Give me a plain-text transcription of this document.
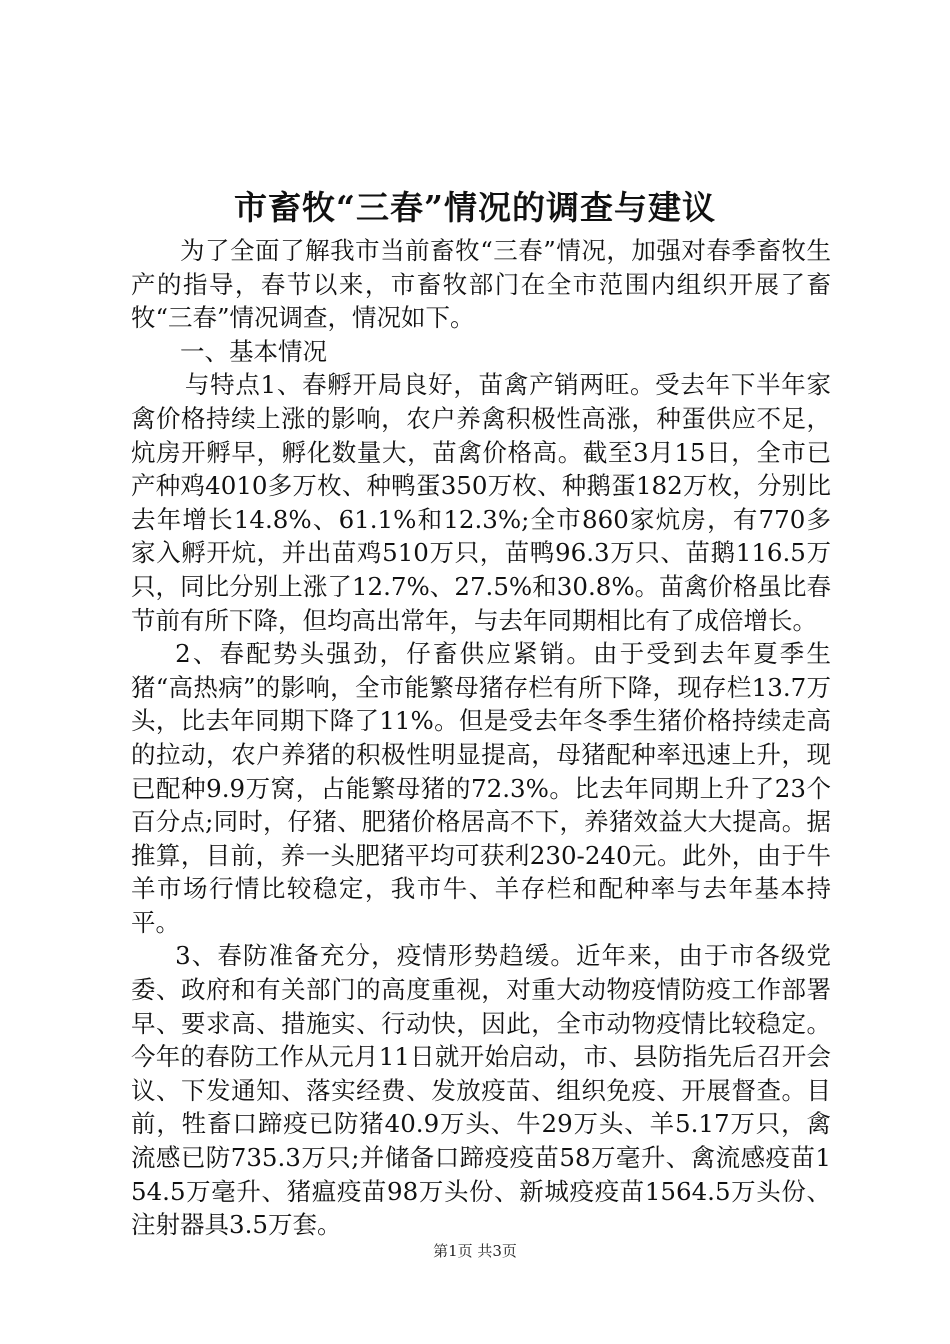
市畜牧“三春”情况的调查与建议

为了全面了解我市当前畜牧“三春”情况，加强对春季畜牧生产的指导，春节以来，市畜牧部门在全市范围内组织开展了畜牧“三春”情况调查，情况如下。

一、基本情况

与特点1、春孵开局良好，苗禽产销两旺。受去年下半年家禽价格持续上涨的影响，农户养禽积极性高涨，种蛋供应不足，炕房开孵早，孵化数量大，苗禽价格高。截至3月15日，全市已产种鸡4010多万枚、种鸭蛋350万枚、种鹅蛋182万枚，分别比去年增长14.8%、61.1%和12.3%;全市860家炕房，有770多家入孵开炕，并出苗鸡510万只，苗鸭96.3万只、苗鹅116.5万只，同比分别上涨了12.7%、27.5%和30.8%。苗禽价格虽比春节前有所下降，但均高出常年，与去年同期相比有了成倍增长。

2、春配势头强劲，仔畜供应紧销。由于受到去年夏季生猪“高热病”的影响，全市能繁母猪存栏有所下降，现存栏13.7万头，比去年同期下降了11%。但是受去年冬季生猪价格持续走高的拉动，农户养猪的积极性明显提高，母猪配种率迅速上升，现已配种9.9万窝，占能繁母猪的72.3%。比去年同期上升了23个百分点;同时，仔猪、肥猪价格居高不下，养猪效益大大提高。据推算，目前，养一头肥猪平均可获利230-240元。此外，由于牛羊市场行情比较稳定，我市牛、羊存栏和配种率与去年基本持平。

3、春防准备充分，疫情形势趋缓。近年来，由于市各级党委、政府和有关部门的高度重视，对重大动物疫情防疫工作部署早、要求高、措施实、行动快，因此，全市动物疫情比较稳定。今年的春防工作从元月11日就开始启动，市、县防指先后召开会议、下发通知、落实经费、发放疫苗、组织免疫、开展督查。目前，牲畜口蹄疫已防猪40.9万头、牛29万头、羊5.17万只，禽流感已防735.3万只;并储备口蹄疫疫苗58万毫升、禽流感疫苗154.5万毫升、猪瘟疫苗98万头份、新城疫疫苗1564.5万头份、注射器具3.5万套。

第1页 共3页
